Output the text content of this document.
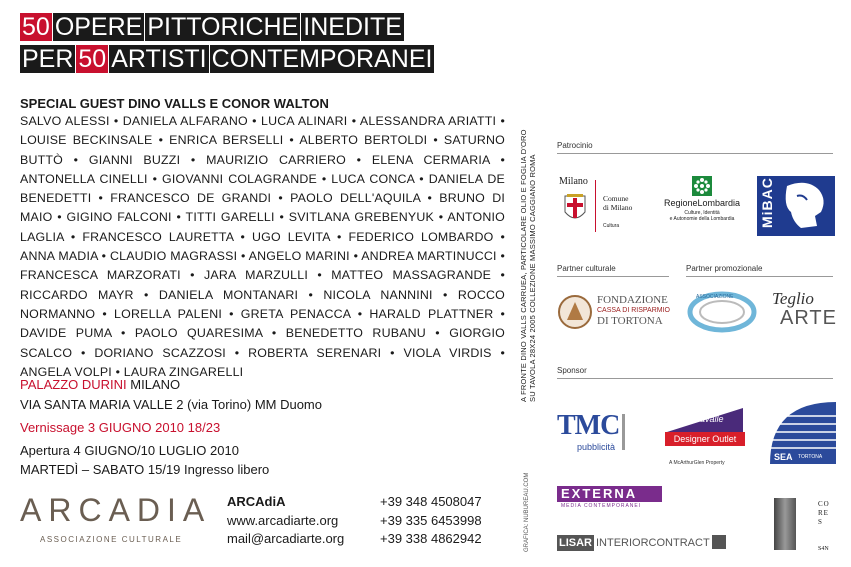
50 OPERE PITTORICHE INEDITE
PER 50 ARTISTI CONTEMPORANEI
SPECIAL GUEST DINO VALLS E CONOR WALTON
SALVO ALESSI • DANIELA ALFARANO • LUCA ALINARI • ALESSANDRA ARIATTI • LOUISE BECKINSALE • ENRICA BERSELLI • ALBERTO BERTOLDI • SATURNO BUTTÒ • GIANNI BUZZI • MAURIZIO CARRIERO • ELENA CERMARIA • ANTONELLA CINELLI • GIOVANNI COLAGRANDE • LUCA CONCA • DANIELA DE BENEDETTI • FRANCESCO DE GRANDI • PAOLO DELL'AQUILA • BRUNO DI MAIO • GIGINO FALCONI • TITTI GARELLI • SVITLANA GREBENYUK • ANTONIO LAGLIA • FRANCESCO LAURETTA • UGO LEVITA • FEDERICO LOMBARDO • ANNA MADIA • CLAUDIO MAGRASSI • ANGELO MARINI • ANDREA MARTINUCCI • FRANCESCA MARZORATI • JARA MARZULLI • MATTEO MASSAGRANDE • RICCARDO MAYR • DANIELA MONTANARI • NICOLA NANNINI • ROCCO NORMANNO • LORELLA PALENI • GRETA PENACCA • HARALD PLATTNER • DAVIDE PUMA • PAOLO QUARESIMA • BENEDETTO RUBANU • GIORGIO SCALCO • DORIANO SCAZZOSI • ROBERTA SERENARI • VIOLA VIRDIS • ANGELA VOLPI • LAURA ZINGARELLI
PALAZZO DURINI MILANO
VIA SANTA MARIA VALLE 2 (via Torino) MM Duomo
Vernissage 3 GIUGNO 2010 18/23
Apertura 4 GIUGNO/10 LUGLIO 2010
MARTEDÌ – SABATO 15/19 Ingresso libero
ARCADIA
ASSOCIAZIONE CULTURALE
ARCAdiA
www.arcadiarte.org
mail@arcadiarte.org
+39 348 4508047
+39 335 6453998
+39 338 4862942
A FRONTE DINO VALLS CARRUEA, PARTICOLARE OLIO E FOGLIA D'ORO SU TAVOLA 28X24 2005 COLLEZIONE MASSIMO CAGGIANO ROMA
GRAFICA: NUBUREAU.COM
Patrocinio
Milano
Comune
di Milano
Cultura
RegioneLombardia
Culture, Identità
e Autonomie della Lombardia	MiBAC
Partner culturale	Partner promozionale
FONDAZIONE
CASSA DI RISPARMIO
DI TORTONA
ASSOCIAZIONE Teglio
ARTE
Sponsor
TMC
pubblicità
Serravalle
Designer Outlet
A McArthurGlen Property
SEA TORTONA
EXTERNA
MEDIA CONTEMPORANEI
LISAR INTERIORCONTRACT
CORES
S4N
